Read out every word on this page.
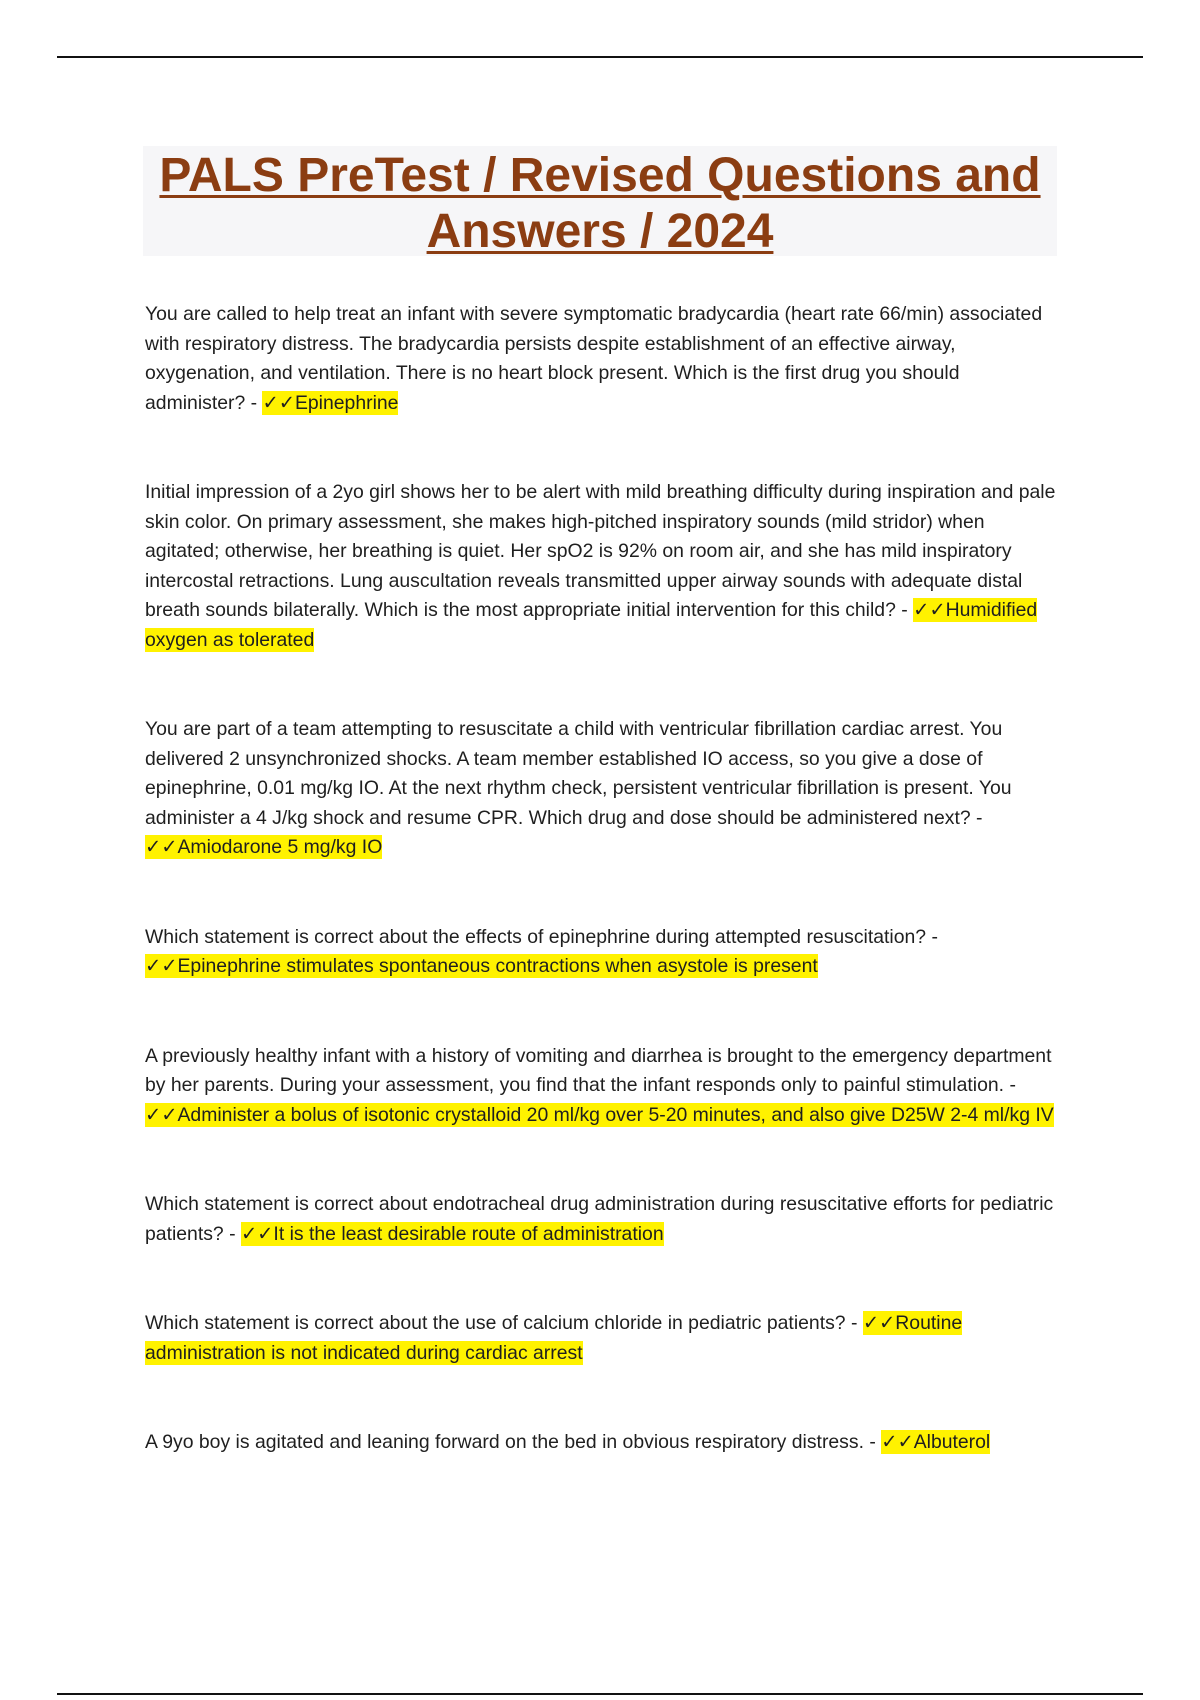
PALS PreTest / Revised Questions and Answers / 2024

You are called to help treat an infant with severe symptomatic bradycardia (heart rate 66/min) associated with respiratory distress. The bradycardia persists despite establishment of an effective airway, oxygenation, and ventilation. There is no heart block present. Which is the first drug you should administer? - ✓✓Epinephrine

Initial impression of a 2yo girl shows her to be alert with mild breathing difficulty during inspiration and pale skin color. On primary assessment, she makes high-pitched inspiratory sounds (mild stridor) when agitated; otherwise, her breathing is quiet. Her spO2 is 92% on room air, and she has mild inspiratory intercostal retractions. Lung auscultation reveals transmitted upper airway sounds with adequate distal breath sounds bilaterally. Which is the most appropriate initial intervention for this child? - ✓✓Humidified oxygen as tolerated

You are part of a team attempting to resuscitate a child with ventricular fibrillation cardiac arrest. You delivered 2 unsynchronized shocks. A team member established IO access, so you give a dose of epinephrine, 0.01 mg/kg IO. At the next rhythm check, persistent ventricular fibrillation is present. You administer a 4 J/kg shock and resume CPR. Which drug and dose should be administered next? - ✓✓Amiodarone 5 mg/kg IO

Which statement is correct about the effects of epinephrine during attempted resuscitation? - ✓✓Epinephrine stimulates spontaneous contractions when asystole is present

A previously healthy infant with a history of vomiting and diarrhea is brought to the emergency department by her parents. During your assessment, you find that the infant responds only to painful stimulation. - ✓✓Administer a bolus of isotonic crystalloid 20 ml/kg over 5-20 minutes, and also give D25W 2-4 ml/kg IV

Which statement is correct about endotracheal drug administration during resuscitative efforts for pediatric patients? - ✓✓It is the least desirable route of administration

Which statement is correct about the use of calcium chloride in pediatric patients? - ✓✓Routine administration is not indicated during cardiac arrest

A 9yo boy is agitated and leaning forward on the bed in obvious respiratory distress. - ✓✓Albuterol
